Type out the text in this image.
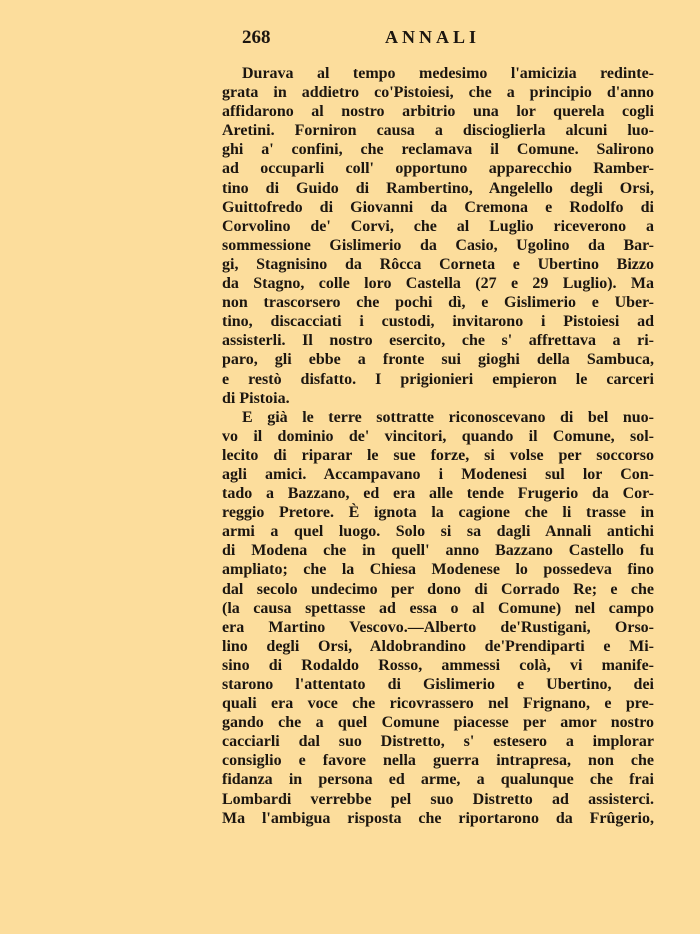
268	ANNALI
Durava al tempo medesimo l'amicizia redinte-
grata in addietro co'Pistoiesi, che a principio d'anno
affidarono al nostro arbitrio una lor querela cogli
Aretini. Forniron causa a discioglierla alcuni luo-
ghi a' confini, che reclamava il Comune. Salirono
ad occuparli coll' opportuno apparecchio Ramber-
tino di Guido di Rambertino, Angelello degli Orsi,
Guittofredo di Giovanni da Cremona e Rodolfo di
Corvolino de' Corvi, che al Luglio riceverono a
sommessione Gislimerio da Casio, Ugolino da Bar-
gi, Stagnisino da Rôcca Corneta e Ubertino Bizzo
da Stagno, colle loro Castella (27 e 29 Luglio). Ma
non trascorsero che pochi dì, e Gislimerio e Uber-
tino, discacciati i custodi, invitarono i Pistoiesi ad
assisterli. Il nostro esercito, che s' affrettava a ri-
paro, gli ebbe a fronte sui gioghi della Sambuca,
e restò disfatto. I prigionieri empieron le carceri
di Pistoia.
E già le terre sottratte riconoscevano di bel nuo-
vo il dominio de' vincitori, quando il Comune, sol-
lecito di riparar le sue forze, si volse per soccorso
agli amici. Accampavano i Modenesi sul lor Con-
tado a Bazzano, ed era alle tende Frugerio da Cor-
reggio Pretore. È ignota la cagione che li trasse in
armi a quel luogo. Solo si sa dagli Annali antichi
di Modena che in quell' anno Bazzano Castello fu
ampliato; che la Chiesa Modenese lo possedeva fino
dal secolo undecimo per dono di Corrado Re; e che
(la causa spettasse ad essa o al Comune) nel campo
era Martino Vescovo.—Alberto de'Rustigani, Orso-
lino degli Orsi, Aldobrandino de'Prendiparti e Mi-
sino di Rodaldo Rosso, ammessi colà, vi manife-
starono l'attentato di Gislimerio e Ubertino, dei
quali era voce che ricovrassero nel Frignano, e pre-
gando che a quel Comune piacesse per amor nostro
cacciarli dal suo Distretto, s' estesero a implorar
consiglio e favore nella guerra intrapresa, non che
fidanza in persona ed arme, a qualunque che frai
Lombardi verrebbe pel suo Distretto ad assisterci.
Ma l'ambigua risposta che riportarono da Frûgerio,
